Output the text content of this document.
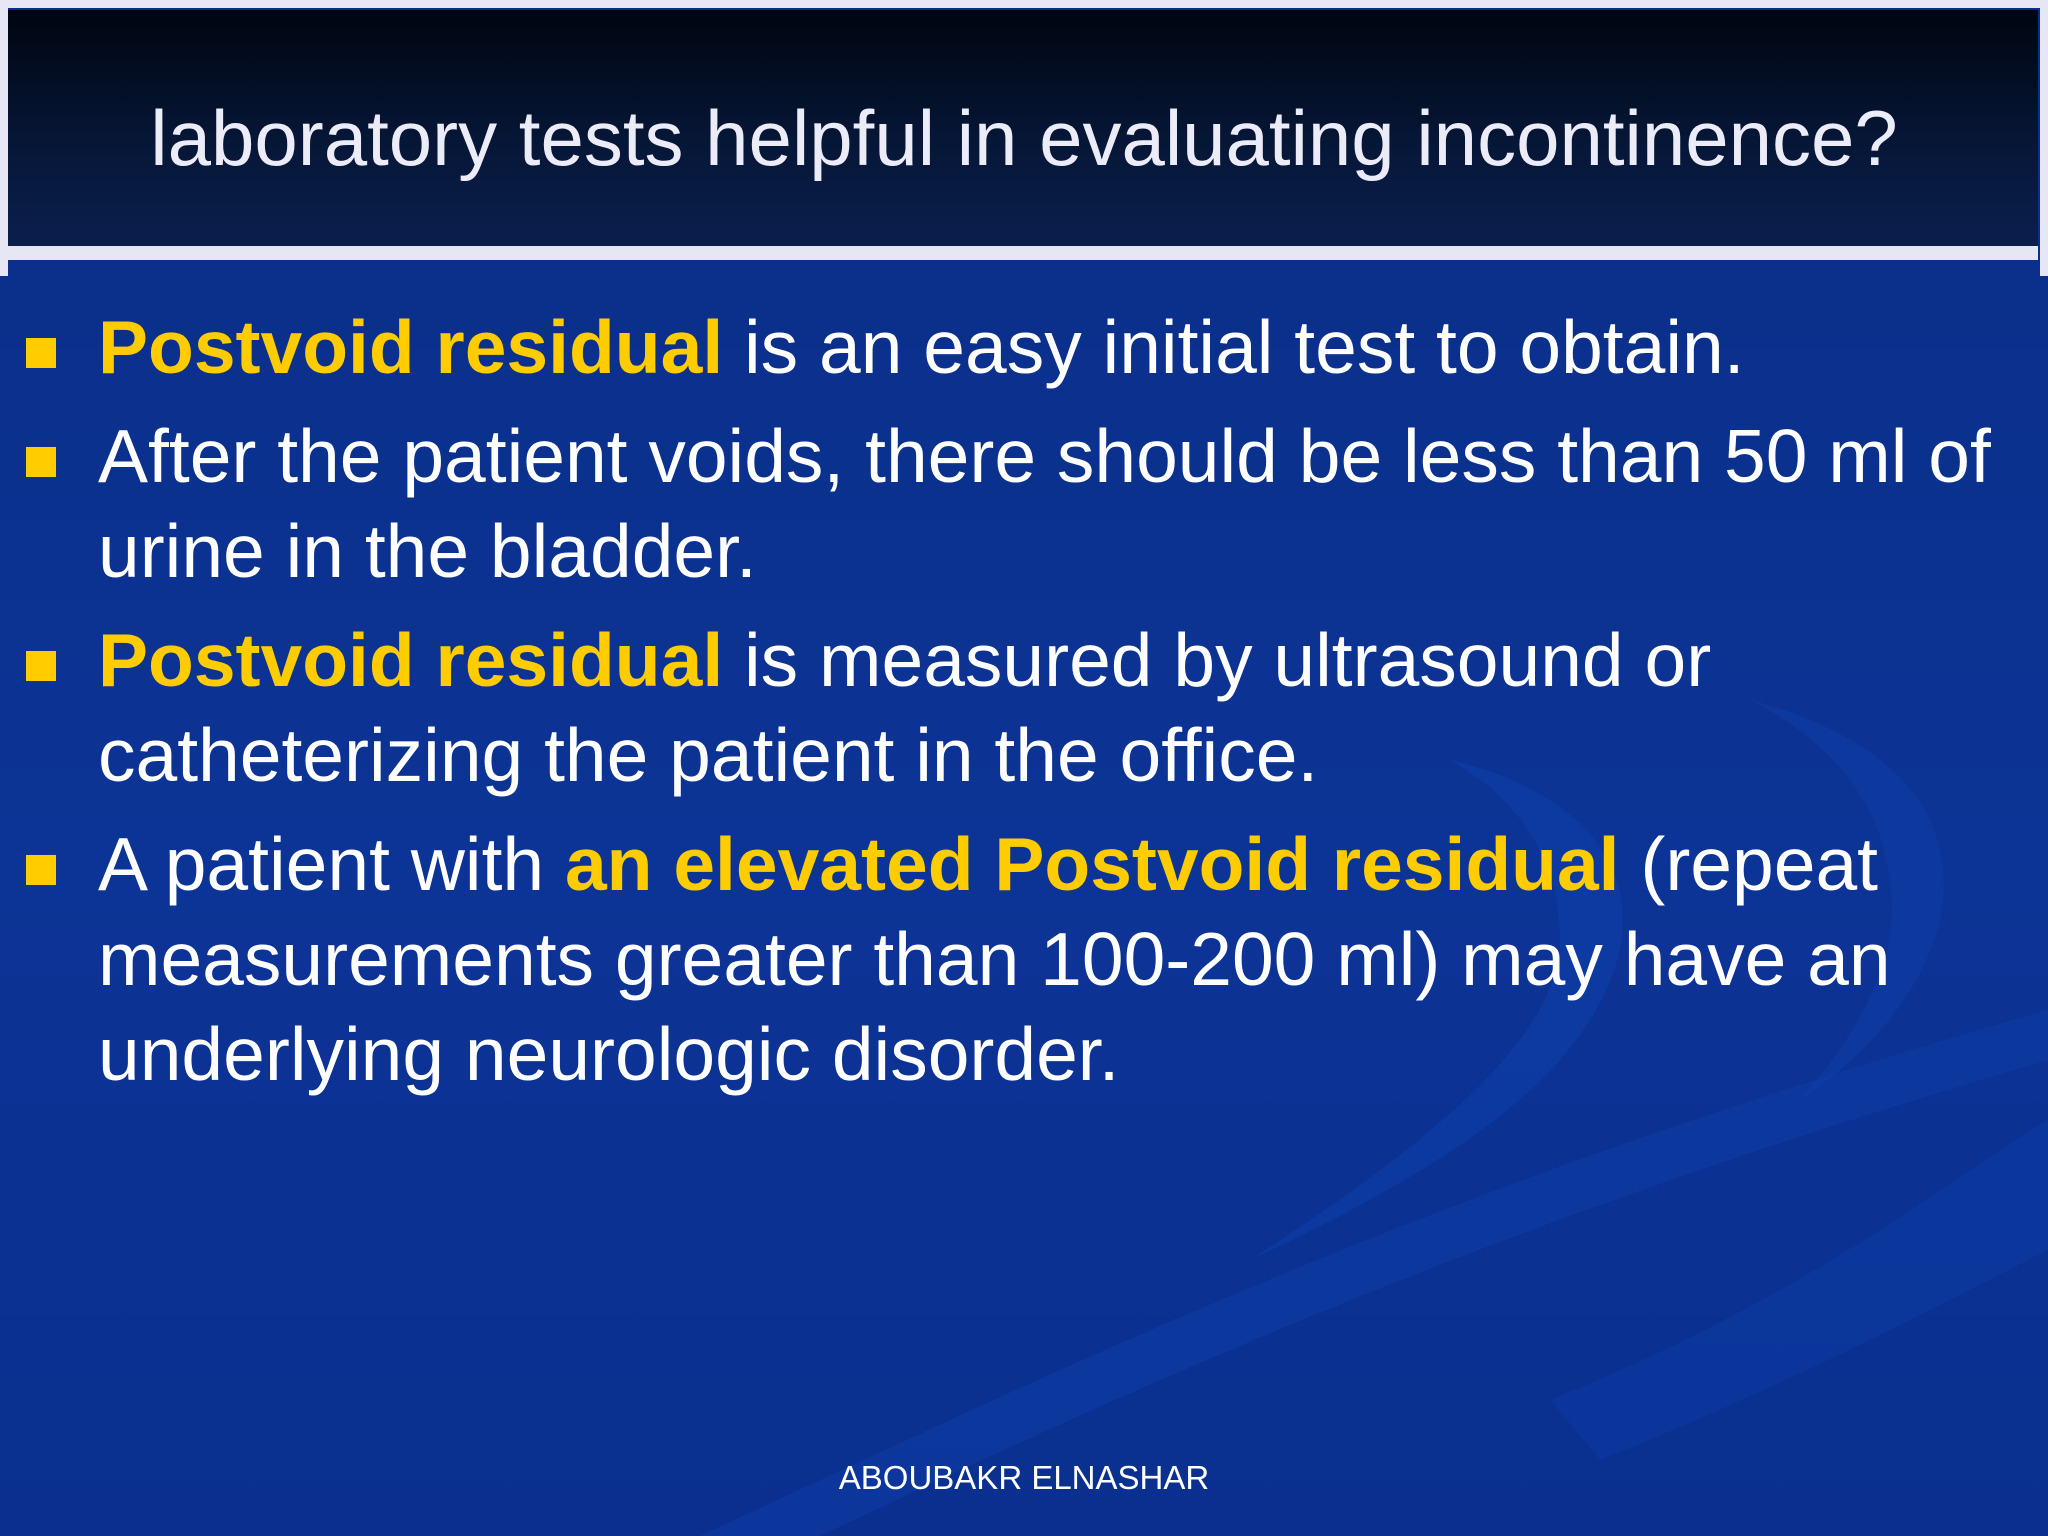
laboratory tests helpful in evaluating incontinence?
Postvoid residual is an easy initial test to obtain.
After the patient voids, there should be less than 50 ml of urine in the bladder.
Postvoid residual is measured by ultrasound or catheterizing the patient in the office.
A patient with an elevated Postvoid residual (repeat measurements greater than 100-200 ml) may have an underlying neurologic disorder.
ABOUBAKR ELNASHAR
